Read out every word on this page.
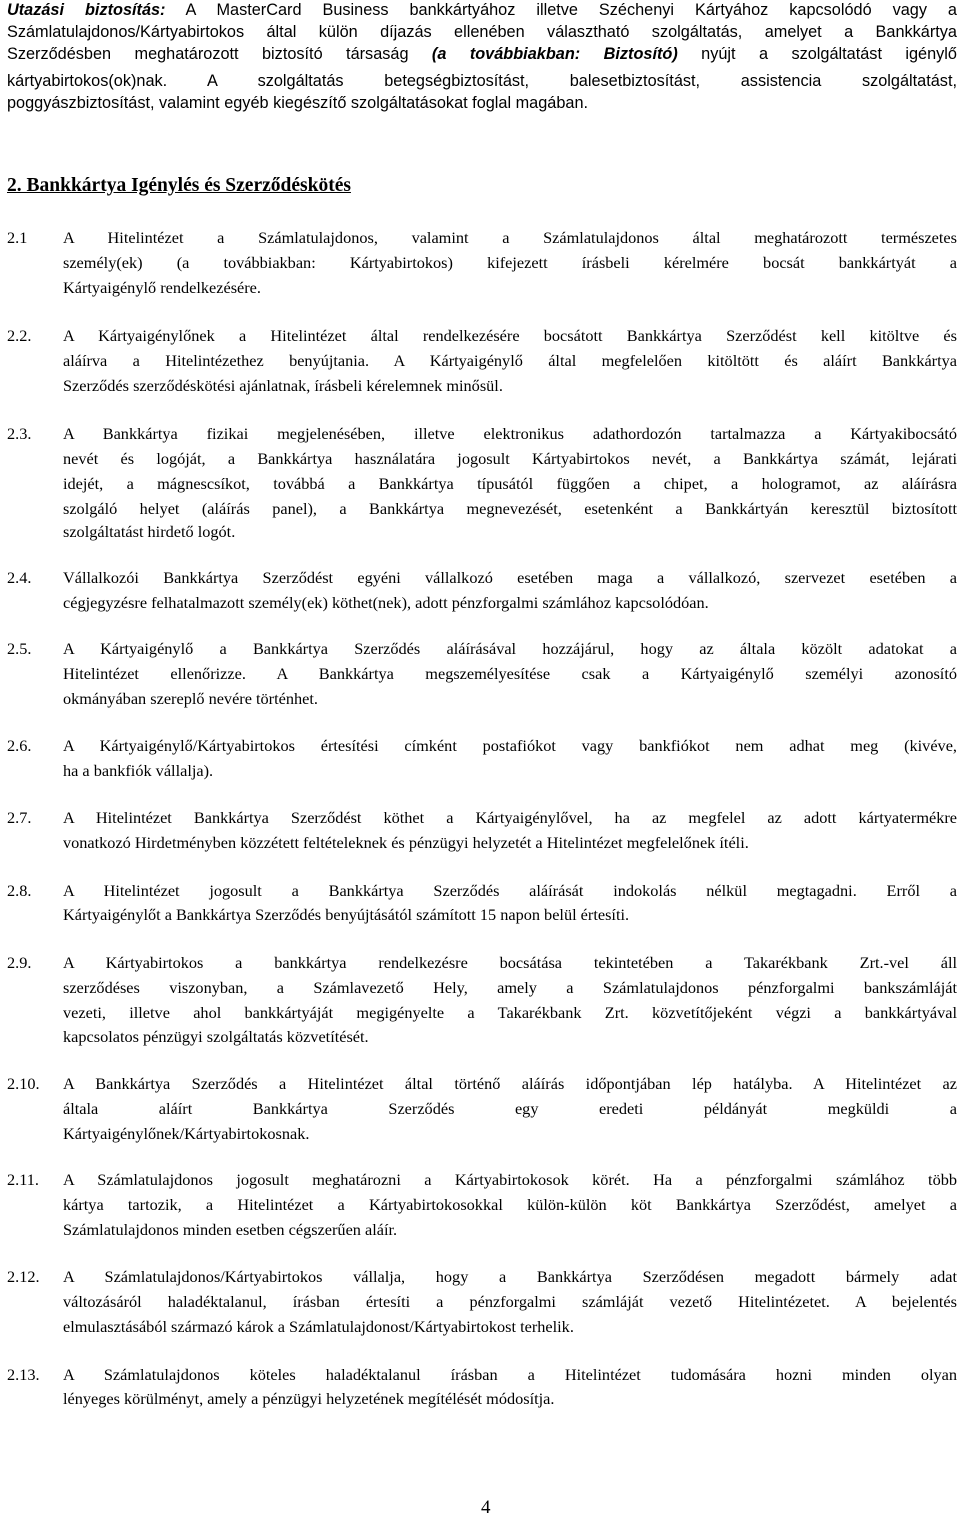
Utazási biztosítás: A MasterCard Business bankkártyához illetve Széchenyi Kártyához kapcsolódó vagy a
Számlatulajdonos/Kártyabirtokos által külön díjazás ellenében választható szolgáltatás, amelyet a Bankkártya
Szerződésben meghatározott biztosító társaság (a továbbiakban: Biztosító) nyújt a szolgáltatást igénylő
kártyabirtokos(ok)nak. A szolgáltatás betegségbiztosítást, balesetbiztosítást, assistencia szolgáltatást,
poggyászbiztosítást, valamint egyéb kiegészítő szolgáltatásokat foglal magában.
2. Bankkártya Igénylés és Szerződéskötés
2.1 A Hitelintézet a Számlatulajdonos, valamint a Számlatulajdonos által meghatározott természetes
személy(ek) (a továbbiakban: Kártyabirtokos) kifejezett írásbeli kérelmére bocsát bankkártyát a
Kártyaigénylő rendelkezésére.
2.2. A Kártyaigénylőnek a Hitelintézet által rendelkezésére bocsátott Bankkártya Szerződést kell kitöltve és
aláírva a Hitelintézethez benyújtania. A Kártyaigénylő által megfelelően kitöltött és aláírt Bankkártya
Szerződés szerződéskötési ajánlatnak, írásbeli kérelemnek minősül.
2.3. A Bankkártya fizikai megjelenésében, illetve elektronikus adathordozón tartalmazza a Kártyakibocsátó
nevét és logóját, a Bankkártya használatára jogosult Kártyabirtokos nevét, a Bankkártya számát, lejárati
idejét, a mágnescsíkot, továbbá a Bankkártya típusától függően a chipet, a hologramot, az aláírásra
szolgáló helyet (aláírás panel), a Bankkártya megnevezését, esetenként a Bankkártyán keresztül biztosított
szolgáltatást hirdető logót.
2.4. Vállalkozói Bankkártya Szerződést egyéni vállalkozó esetében maga a vállalkozó, szervezet esetében a
cégjegyzésre felhatalmazott személy(ek) köthet(nek), adott pénzforgalmi számlához kapcsolódóan.
2.5. A Kártyaigénylő a Bankkártya Szerződés aláírásával hozzájárul, hogy az általa közölt adatokat a
Hitelintézet ellenőrizze. A Bankkártya megszemélyesítése csak a Kártyaigénylő személyi azonosító
okmányában szereplő nevére történhet.
2.6. A Kártyaigénylő/Kártyabirtokos értesítési címként postafiókot vagy bankfiókot nem adhat meg (kivéve,
ha a bankfiók vállalja).
2.7. A Hitelintézet Bankkártya Szerződést köthet a Kártyaigénylővel, ha az megfelel az adott kártyatermékre
vonatkozó Hirdetményben közzétett feltételeknek és pénzügyi helyzetét a Hitelintézet megfelelőnek ítéli.
2.8. A Hitelintézet jogosult a Bankkártya Szerződés aláírását indokolás nélkül megtagadni. Erről a
Kártyaigénylőt a Bankkártya Szerződés benyújtásától számított 15 napon belül értesíti.
2.9. A Kártyabirtokos a bankkártya rendelkezésre bocsátása tekintetében a Takarékbank Zrt.-vel áll
szerződéses viszonyban, a Számlavezető Hely, amely a Számlatulajdonos pénzforgalmi bankszámláját
vezeti, illetve ahol bankkártyáját megigényelte a Takarékbank Zrt. közvetítőjeként végzi a bankkártyával
kapcsolatos pénzügyi szolgáltatás közvetítését.
2.10. A Bankkártya Szerződés a Hitelintézet által történő aláírás időpontjában lép hatályba. A Hitelintézet az
általa aláírt Bankkártya Szerződés egy eredeti példányát megküldi a
Kártyaigénylőnek/Kártyabirtokosnak.
2.11. A Számlatulajdonos jogosult meghatározni a Kártyabirtokosok körét. Ha a pénzforgalmi számlához több
kártya tartozik, a Hitelintézet a Kártyabirtokosokkal külön-külön köt Bankkártya Szerződést, amelyet a
Számlatulajdonos minden esetben cégszerűen aláír.
2.12. A Számlatulajdonos/Kártyabirtokos vállalja, hogy a Bankkártya Szerződésen megadott bármely adat
változásáról haladéktalanul, írásban értesíti a pénzforgalmi számláját vezető Hitelintézetet. A bejelentés
elmulasztásából származó károk a Számlatulajdonost/Kártyabirtokost terhelik.
2.13. A Számlatulajdonos köteles haladéktalanul írásban a Hitelintézet tudomására hozni minden olyan
lényeges körülményt, amely a pénzügyi helyzetének megítélését módosítja.
4
